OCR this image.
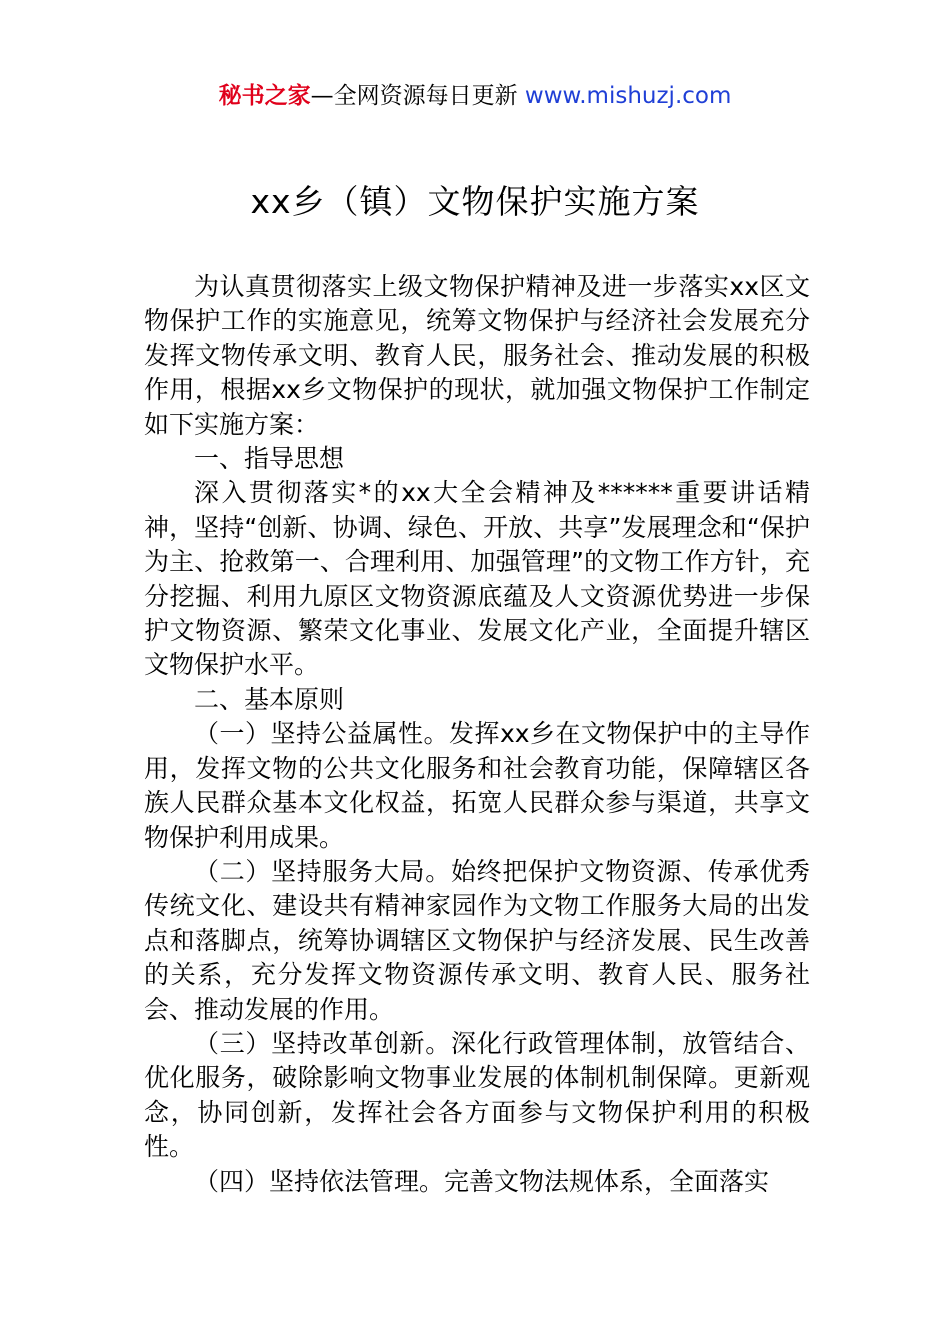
秘书之家—全网资源每日更新 www.mishuzj.com
xx乡（镇）文物保护实施方案

为认真贯彻落实上级文物保护精神及进一步落实xx区文物保护工作的实施意见，统筹文物保护与经济社会发展充分发挥文物传承文明、教育人民，服务社会、推动发展的积极作用，根据xx乡文物保护的现状，就加强文物保护工作制定如下实施方案：

一、指导思想

深入贯彻落实*的xx大全会精神及******重要讲话精神，坚持“创新、协调、绿色、开放、共享”发展理念和“保护为主、抢救第一、合理利用、加强管理”的文物工作方针，充分挖掘、利用九原区文物资源底蕴及人文资源优势进一步保护文物资源、繁荣文化事业、发展文化产业，全面提升辖区文物保护水平。

二、基本原则

（一）坚持公益属性。发挥xx乡在文物保护中的主导作用，发挥文物的公共文化服务和社会教育功能，保障辖区各族人民群众基本文化权益，拓宽人民群众参与渠道，共享文物保护利用成果。

（二）坚持服务大局。始终把保护文物资源、传承优秀传统文化、建设共有精神家园作为文物工作服务大局的出发点和落脚点，统筹协调辖区文物保护与经济发展、民生改善的关系，充分发挥文物资源传承文明、教育人民、服务社会、推动发展的作用。

（三）坚持改革创新。深化行政管理体制，放管结合、优化服务，破除影响文物事业发展的体制机制保障。更新观念，协同创新，发挥社会各方面参与文物保护利用的积极性。

（四）坚持依法管理。完善文物法规体系，全面落实
